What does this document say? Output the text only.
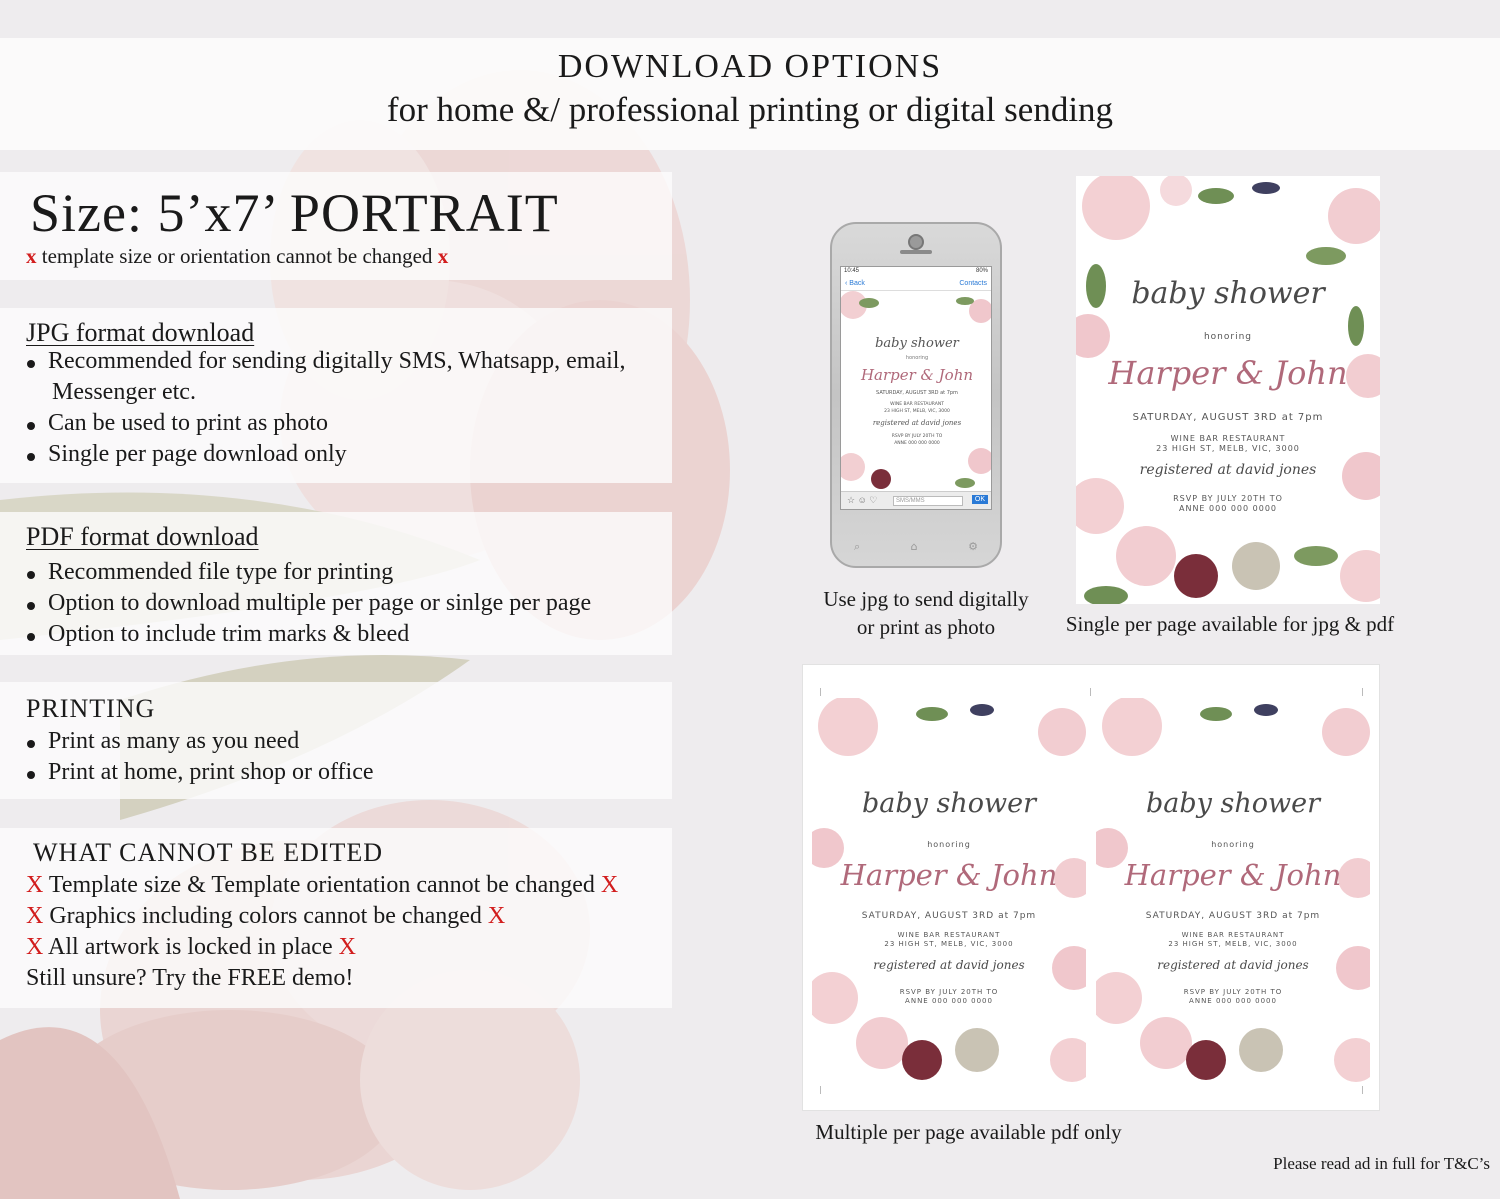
DOWNLOAD OPTIONS
for home &/ professional printing or digital sending
Size: 5’x7’ PORTRAIT
x template size or orientation cannot be changed x
JPG format download
Recommended for sending digitally SMS, Whatsapp, email,
Messenger etc.
Can be used to print as photo
Single per page download only
PDF format download
Recommended file type for printing
Option to download multiple per page or sinlge per page
Option to include trim marks & bleed
PRINTING
Print as many as you need
Print at home, print shop or office
WHAT CANNOT BE EDITED
X Template size & Template orientation cannot be changed X
X Graphics including colors cannot be changed X
X All artwork is locked in place X
Still unsure? Try the FREE demo!
10:45	80%
‹ Back	Contacts
baby shower
honoring
Harper & John
SATURDAY, AUGUST 3RD at 7pm
WINE BAR RESTAURANT
23 HIGH ST, MELB, VIC, 3000
registered at david jones
RSVP BY JULY 20TH TO
ANNE 000 000 0000
☆ ☺ ♡	SMS/MMS	OK
⌕	⌂	⚙
baby shower
honoring
Harper & John
SATURDAY, AUGUST 3RD at 7pm
WINE BAR RESTAURANT
23 HIGH ST, MELB, VIC, 3000
registered at david jones
RSVP BY JULY 20TH TO
ANNE 000 000 0000
baby shower
honoring
Harper & John
SATURDAY, AUGUST 3RD at 7pm
WINE BAR RESTAURANT
23 HIGH ST, MELB, VIC, 3000
registered at david jones
RSVP BY JULY 20TH TO
ANNE 000 000 0000
baby shower
honoring
Harper & John
SATURDAY, AUGUST 3RD at 7pm
WINE BAR RESTAURANT
23 HIGH ST, MELB, VIC, 3000
registered at david jones
RSVP BY JULY 20TH TO
ANNE 000 000 0000
Use jpg to send digitally
or print as photo	Single per page available for jpg & pdf
Multiple per page available pdf only
Please read ad in full for T&C’s
